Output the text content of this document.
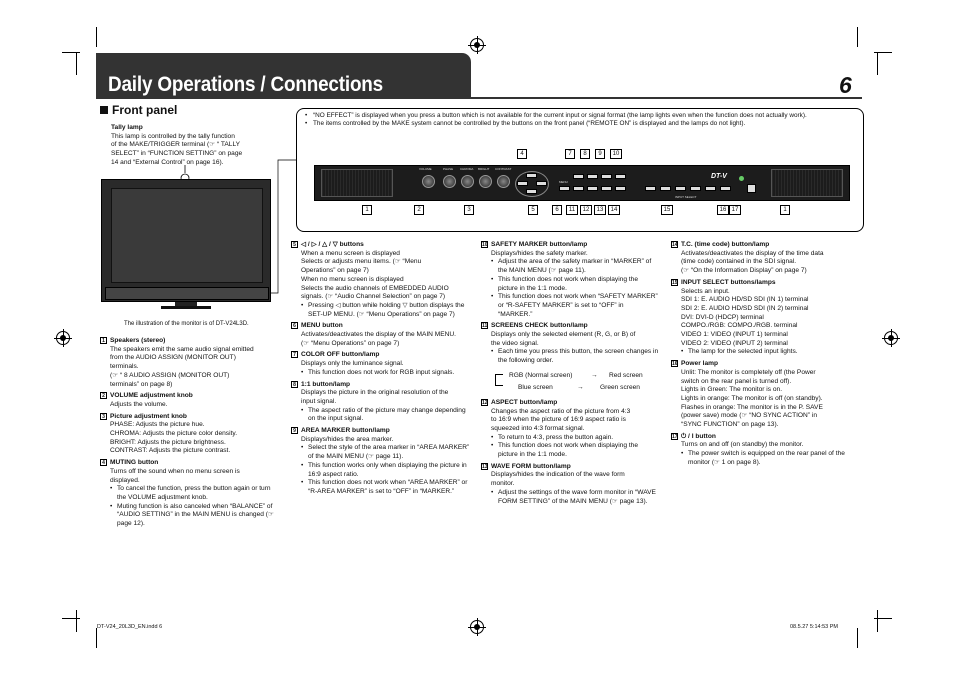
Daily Operations / Connections	6
Front panel
Tally lamp
This lamp is controlled by the tally function
of the MAKE/TRIGGER terminal (☞ “ TALLY
SELECT” in “FUNCTION SETTING” on page
14 and “External Control” on page 16).
The illustration of the monitor is of DT-V24L3D.
• “NO EFFECT” is displayed when you press a button which is not available for the current input or signal format (the lamp lights even when the function does not actually work).
• The items controlled by the MAKE system cannot be controlled by the buttons on the front panel (“REMOTE ON” is displayed and the lamps do not light).
VOLUME	PHASE CHROMA BRIGHT CONTRAST
MENU
INPUT SELECT
DT-V
4	7	8	9	10
1	2	3	5	6	11	12	13	14	15	16 17	1
1 Speakers (stereo)
The speakers emit the same audio signal emitted
from the AUDIO ASSIGN (MONITOR OUT)
terminals.
(☞ “ 8 AUDIO ASSIGN (MONITOR OUT)
terminals” on page 8)
2 VOLUME adjustment knob
Adjusts the volume.
3 Picture adjustment knob
PHASE: Adjusts the picture hue.
CHROMA: Adjusts the picture color density.
BRIGHT: Adjusts the picture brightness.
CONTRAST: Adjusts the picture contrast.
4 MUTING button
Turns off the sound when no menu screen is
displayed.
• To cancel the function, press the button again or turn the VOLUME adjustment knob.
• Muting function is also canceled when “BALANCE” of “AUDIO SETTING” in the MAIN MENU is changed (☞ page 12).
5 ◁ / ▷ / △ / ▽ buttons
When a menu screen is displayed
Selects or adjusts menu items. (☞ “Menu
Operations” on page 7)
When no menu screen is displayed
Selects the audio channels of EMBEDDED AUDIO
signals. (☞ “Audio Channel Selection” on page 7)
• Pressing ◁ button while holding ▽ button displays the SET-UP MENU. (☞ “Menu Operations” on page 7)
6 MENU button
Activates/deactivates the display of the MAIN MENU.
(☞ “Menu Operations” on page 7)
7 COLOR OFF button/lamp
Displays only the luminance signal.
• This function does not work for RGB input signals.
8 1:1 button/lamp
Displays the picture in the original resolution of the
input signal.
• The aspect ratio of the picture may change depending on the input signal.
9 AREA MARKER button/lamp
Displays/hides the area marker.
• Select the style of the area marker in “AREA MARKER” of the MAIN MENU (☞ page 11).
• This function works only when displaying the picture in 16:9 aspect ratio.
• This function does not work when “AREA MARKER” or “R-AREA MARKER” is set to “OFF” in “MARKER.”
10 SAFETY MARKER button/lamp
Displays/hides the safety marker.
• Adjust the area of the safety marker in “MARKER” of the MAIN MENU (☞ page 11).
• This function does not work when displaying the picture in the 1:1 mode.
• This function does not work when “SAFETY MARKER” or “R-SAFETY MARKER” is set to “OFF” in “MARKER.”
11 SCREENS CHECK button/lamp
Displays only the selected element (R, G, or B) of
the video signal.
• Each time you press this button, the screen changes in the following order.
RGB (Normal screen)	Red screen
Blue screen	Green screen
→
→
12 ASPECT button/lamp
Changes the aspect ratio of the picture from 4:3
to 16:9 when the picture of 16:9 aspect ratio is
squeezed into 4:3 format signal.
• To return to 4:3, press the button again.
• This function does not work when displaying the picture in the 1:1 mode.
13 WAVE FORM button/lamp
Displays/hides the indication of the wave form
monitor.
• Adjust the settings of the wave form monitor in “WAVE FORM SETTING” of the MAIN MENU (☞ page 13).
14 T.C. (time code) button/lamp
Activates/deactivates the display of the time data
(time code) contained in the SDI signal.
(☞ “On the Information Display” on page 7)
15 INPUT SELECT buttons/lamps
Selects an input.
SDI 1: E. AUDIO HD/SD SDI (IN 1) terminal
SDI 2: E. AUDIO HD/SD SDI (IN 2) terminal
DVI: DVI-D (HDCP) terminal
COMPO./RGB: COMPO./RGB. terminal
VIDEO 1: VIDEO (INPUT 1) terminal
VIDEO 2: VIDEO (INPUT 2) terminal
• The lamp for the selected input lights.
16 Power lamp
Unlit: The monitor is completely off (the Power
switch on the rear panel is turned off).
Lights in Green: The monitor is on.
Lights in orange: The monitor is off (on standby).
Flashes in orange: The monitor is in the P. SAVE
(power save) mode (☞ “NO SYNC ACTION” in
“SYNC FUNCTION” on page 13).
17 ⏻ / I button
Turns on and off (on standby) the monitor.
• The power switch is equipped on the rear panel of the monitor (☞ 1 on page 8).
DT-V24_20L3D_EN.indd 6	08.5.27 5:14:53 PM
